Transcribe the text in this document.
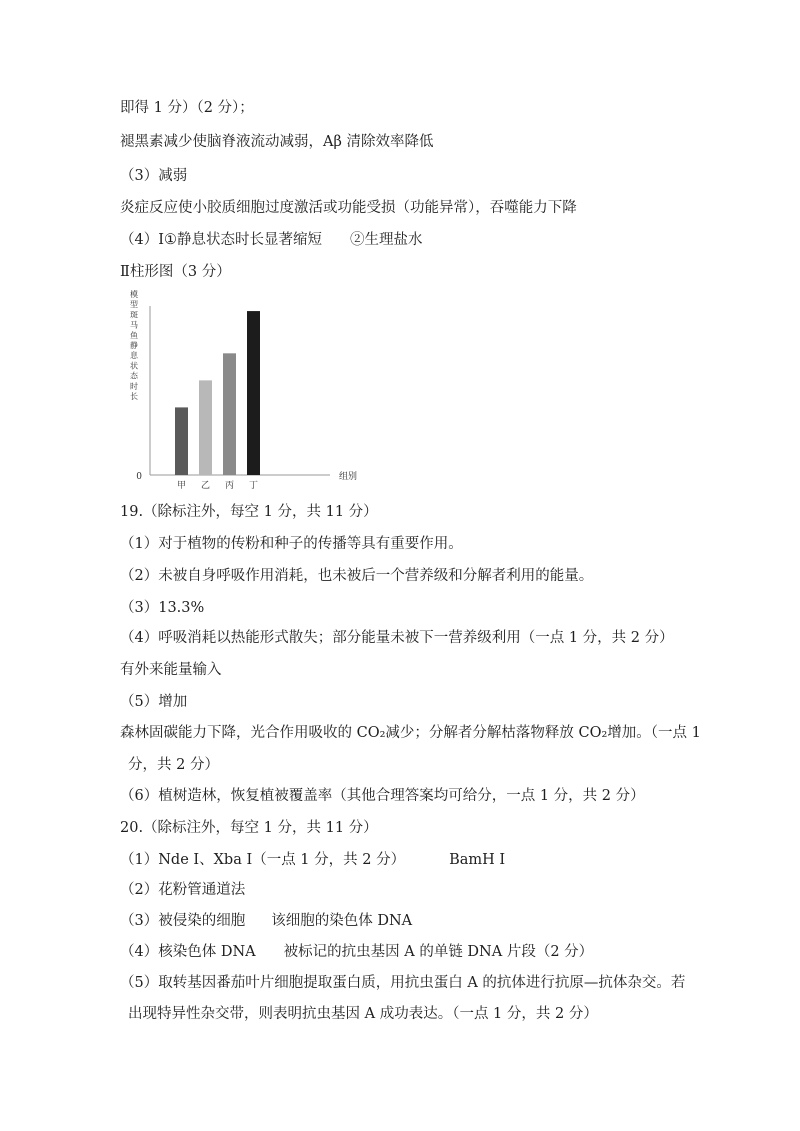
即得 1 分）（2 分）；
褪黑素减少使脑脊液流动减弱，Aβ 清除效率降低
（3）减弱
炎症反应使小胶质细胞过度激活或功能受损（功能异常），吞噬能力下降
（4）Ⅰ①静息状态时长显著缩短 ②生理盐水
Ⅱ柱形图（3 分）
模
型
斑
马
鱼
静
息
状
态
时
长
0	组别
甲 乙 丙 丁
19.（除标注外，每空 1 分，共 11 分）
（1）对于植物的传粉和种子的传播等具有重要作用。
（2）未被自身呼吸作用消耗，也未被后一个营养级和分解者利用的能量。
（3）13.3%
（4）呼吸消耗以热能形式散失；部分能量未被下一营养级利用（一点 1 分，共 2 分）
有外来能量输入
（5）增加
森林固碳能力下降，光合作用吸收的 CO₂减少；分解者分解枯落物释放 CO₂增加。（一点 1
分，共 2 分）
（6）植树造林，恢复植被覆盖率（其他合理答案均可给分，一点 1 分，共 2 分）
20.（除标注外，每空 1 分，共 11 分）
（1）Nde Ⅰ、Xba Ⅰ（一点 1 分，共 2 分）	BamH Ⅰ
（2）花粉管通道法
（3）被侵染的细胞 该细胞的染色体 DNA
（4）核染色体 DNA 被标记的抗虫基因 A 的单链 DNA 片段（2 分）
（5）取转基因番茄叶片细胞提取蛋白质，用抗虫蛋白 A 的抗体进行抗原—抗体杂交。若
出现特异性杂交带，则表明抗虫基因 A 成功表达。（一点 1 分，共 2 分）
